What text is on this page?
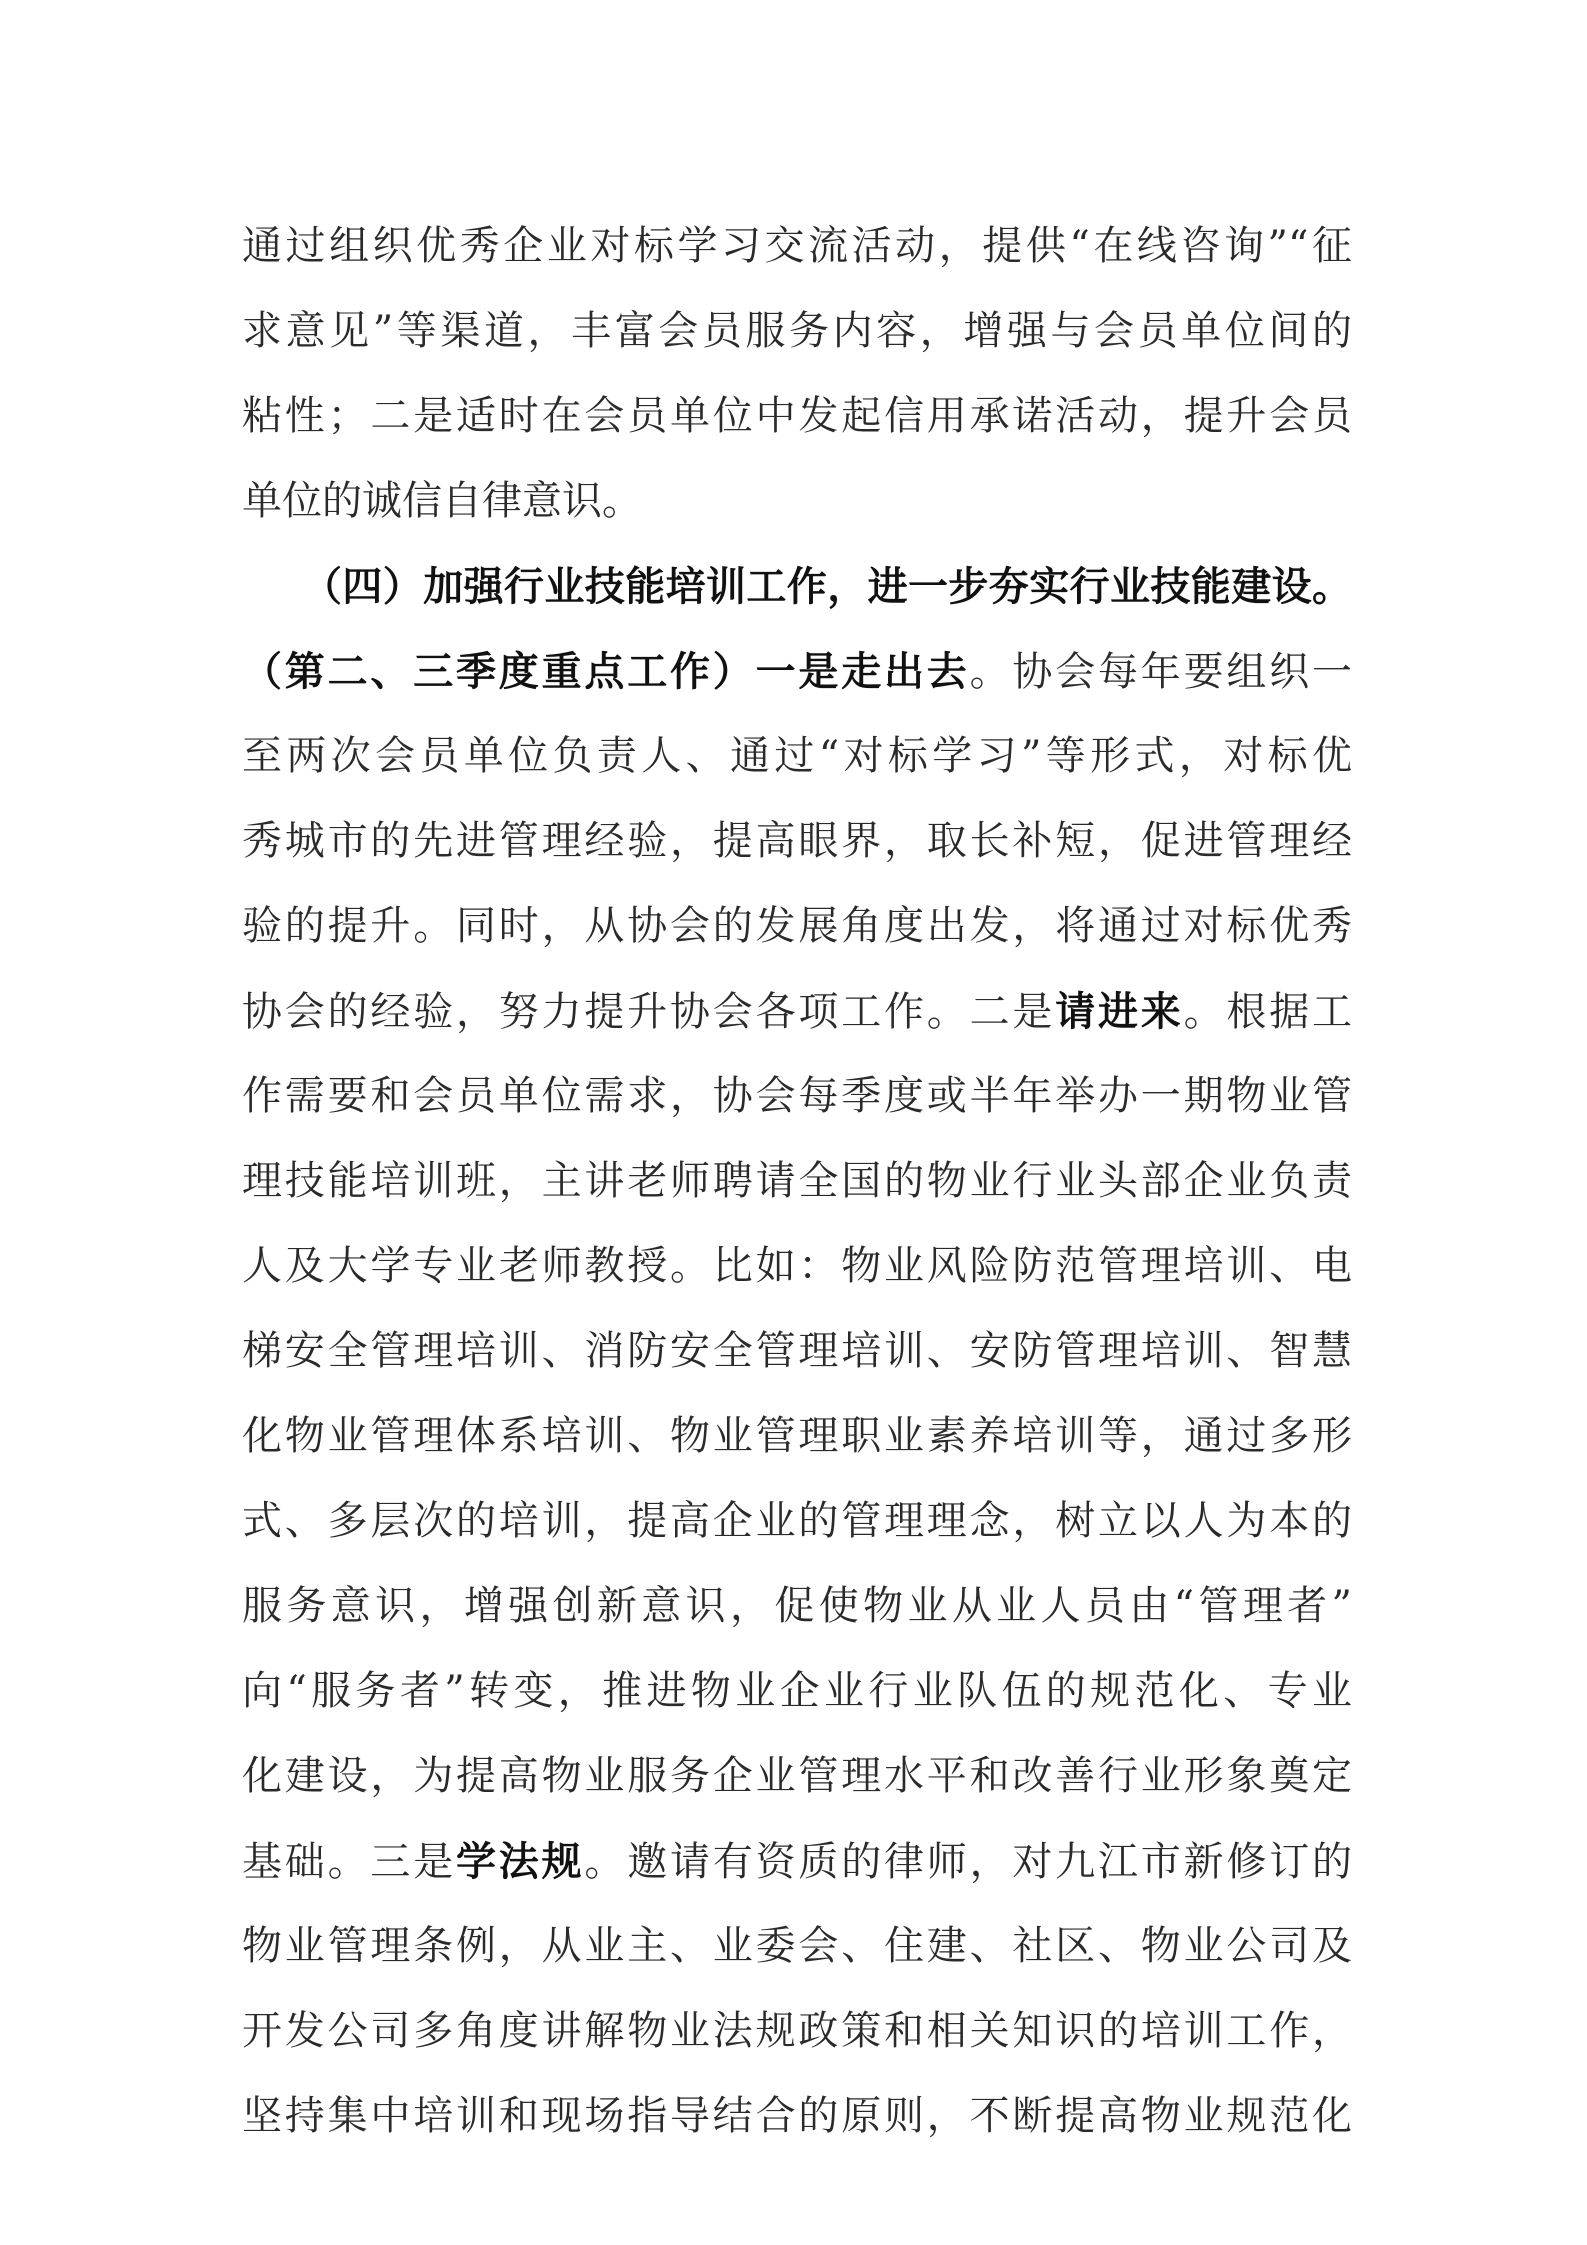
通过组织优秀企业对标学习交流活动，提供“在线咨询”“征
求意见”等渠道，丰富会员服务内容，增强与会员单位间的
粘性；二是适时在会员单位中发起信用承诺活动，提升会员
单位的诚信自律意识。
（四）加强行业技能培训工作，进一步夯实行业技能建设。
（第二、三季度重点工作）一是走出去。协会每年要组织一
至两次会员单位负责人、通过“对标学习”等形式，对标优
秀城市的先进管理经验，提高眼界，取长补短，促进管理经
验的提升。同时，从协会的发展角度出发，将通过对标优秀
协会的经验，努力提升协会各项工作。二是请进来。根据工
作需要和会员单位需求，协会每季度或半年举办一期物业管
理技能培训班，主讲老师聘请全国的物业行业头部企业负责
人及大学专业老师教授。比如：物业风险防范管理培训、电
梯安全管理培训、消防安全管理培训、安防管理培训、智慧
化物业管理体系培训、物业管理职业素养培训等，通过多形
式、多层次的培训，提高企业的管理理念，树立以人为本的
服务意识，增强创新意识，促使物业从业人员由“管理者”
向“服务者”转变，推进物业企业行业队伍的规范化、专业
化建设，为提高物业服务企业管理水平和改善行业形象奠定
基础。三是学法规。邀请有资质的律师，对九江市新修订的
物业管理条例，从业主、业委会、住建、社区、物业公司及
开发公司多角度讲解物业法规政策和相关知识的培训工作，
坚持集中培训和现场指导结合的原则，不断提高物业规范化
